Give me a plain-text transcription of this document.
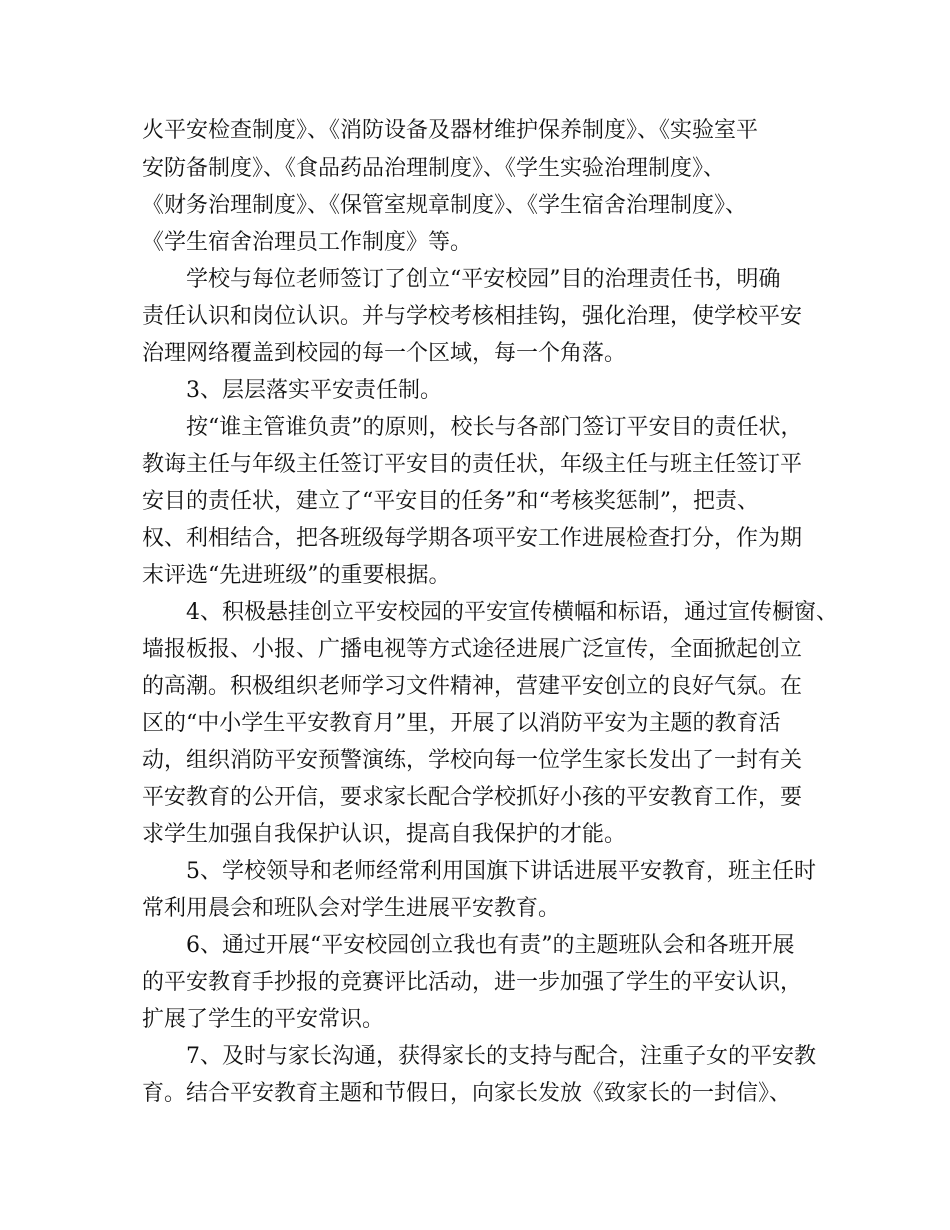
火平安检查制度》、《消防设备及器材维护保养制度》、《实验室平
安防备制度》、《食品药品治理制度》、《学生实验治理制度》、
《财务治理制度》、《保管室规章制度》、《学生宿舍治理制度》、
《学生宿舍治理员工作制度》等。
学校与每位老师签订了创立“平安校园”目的治理责任书，明确
责任认识和岗位认识。并与学校考核相挂钩，强化治理，使学校平安
治理网络覆盖到校园的每一个区域，每一个角落。
3、层层落实平安责任制。
按“谁主管谁负责”的原则，校长与各部门签订平安目的责任状，
教诲主任与年级主任签订平安目的责任状，年级主任与班主任签订平
安目的责任状，建立了“平安目的任务”和“考核奖惩制”，把责、
权、利相结合，把各班级每学期各项平安工作进展检查打分，作为期
末评选“先进班级”的重要根据。
4、积极悬挂创立平安校园的平安宣传横幅和标语，通过宣传橱窗、
墙报板报、小报、广播电视等方式途径进展广泛宣传，全面掀起创立
的高潮。积极组织老师学习文件精神，营建平安创立的良好气氛。在
区的“中小学生平安教育月”里，开展了以消防平安为主题的教育活
动，组织消防平安预警演练，学校向每一位学生家长发出了一封有关
平安教育的公开信，要求家长配合学校抓好小孩的平安教育工作，要
求学生加强自我保护认识，提高自我保护的才能。
5、学校领导和老师经常利用国旗下讲话进展平安教育，班主任时
常利用晨会和班队会对学生进展平安教育。
6、通过开展“平安校园创立我也有责”的主题班队会和各班开展
的平安教育手抄报的竞赛评比活动，进一步加强了学生的平安认识，
扩展了学生的平安常识。
7、及时与家长沟通，获得家长的支持与配合，注重子女的平安教
育。结合平安教育主题和节假日，向家长发放《致家长的一封信》、
